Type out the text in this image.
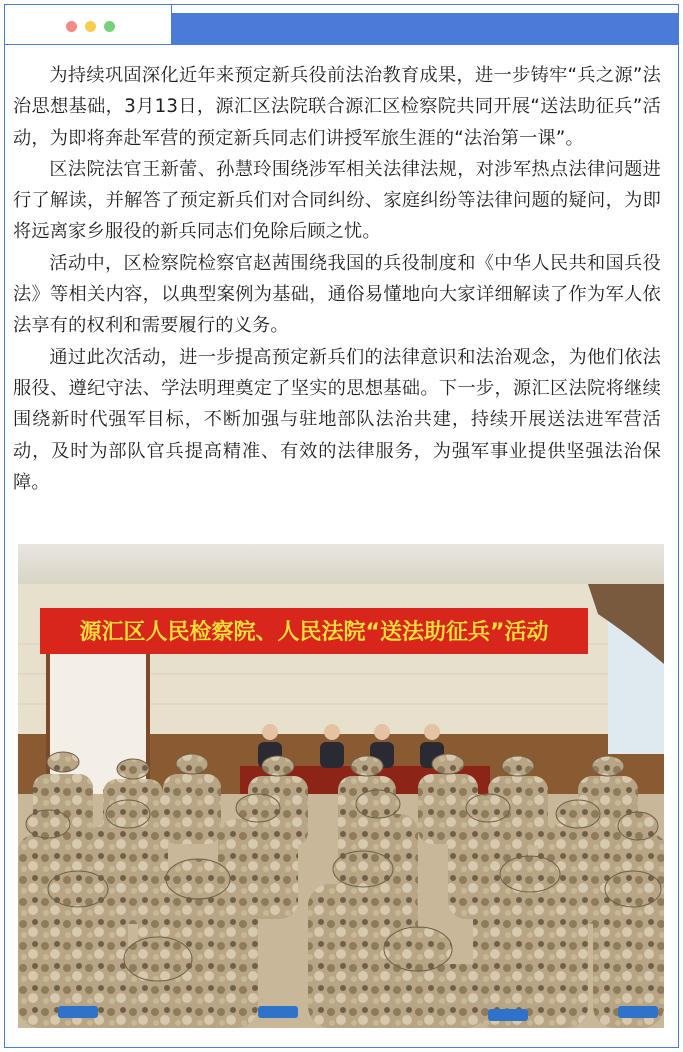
为持续巩固深化近年来预定新兵役前法治教育成果，进一步铸牢“兵之源”法治思想基础，3月13日，源汇区法院联合源汇区检察院共同开展“送法助征兵”活动，为即将奔赴军营的预定新兵同志们讲授军旅生涯的“法治第一课”。

区法院法官王新蕾、孙慧玲围绕涉军相关法律法规，对涉军热点法律问题进行了解读，并解答了预定新兵们对合同纠纷、家庭纠纷等法律问题的疑问，为即将远离家乡服役的新兵同志们免除后顾之忧。

活动中，区检察院检察官赵茜围绕我国的兵役制度和《中华人民共和国兵役法》等相关内容，以典型案例为基础，通俗易懂地向大家详细解读了作为军人依法享有的权利和需要履行的义务。

通过此次活动，进一步提高预定新兵们的法律意识和法治观念，为他们依法服役、遵纪守法、学法明理奠定了坚实的思想基础。下一步，源汇区法院将继续围绕新时代强军目标，不断加强与驻地部队法治共建，持续开展送法进军营活动，及时为部队官兵提高精准、有效的法律服务，为强军事业提供坚强法治保障。

源汇区人民检察院、人民法院“送法助征兵”活动
